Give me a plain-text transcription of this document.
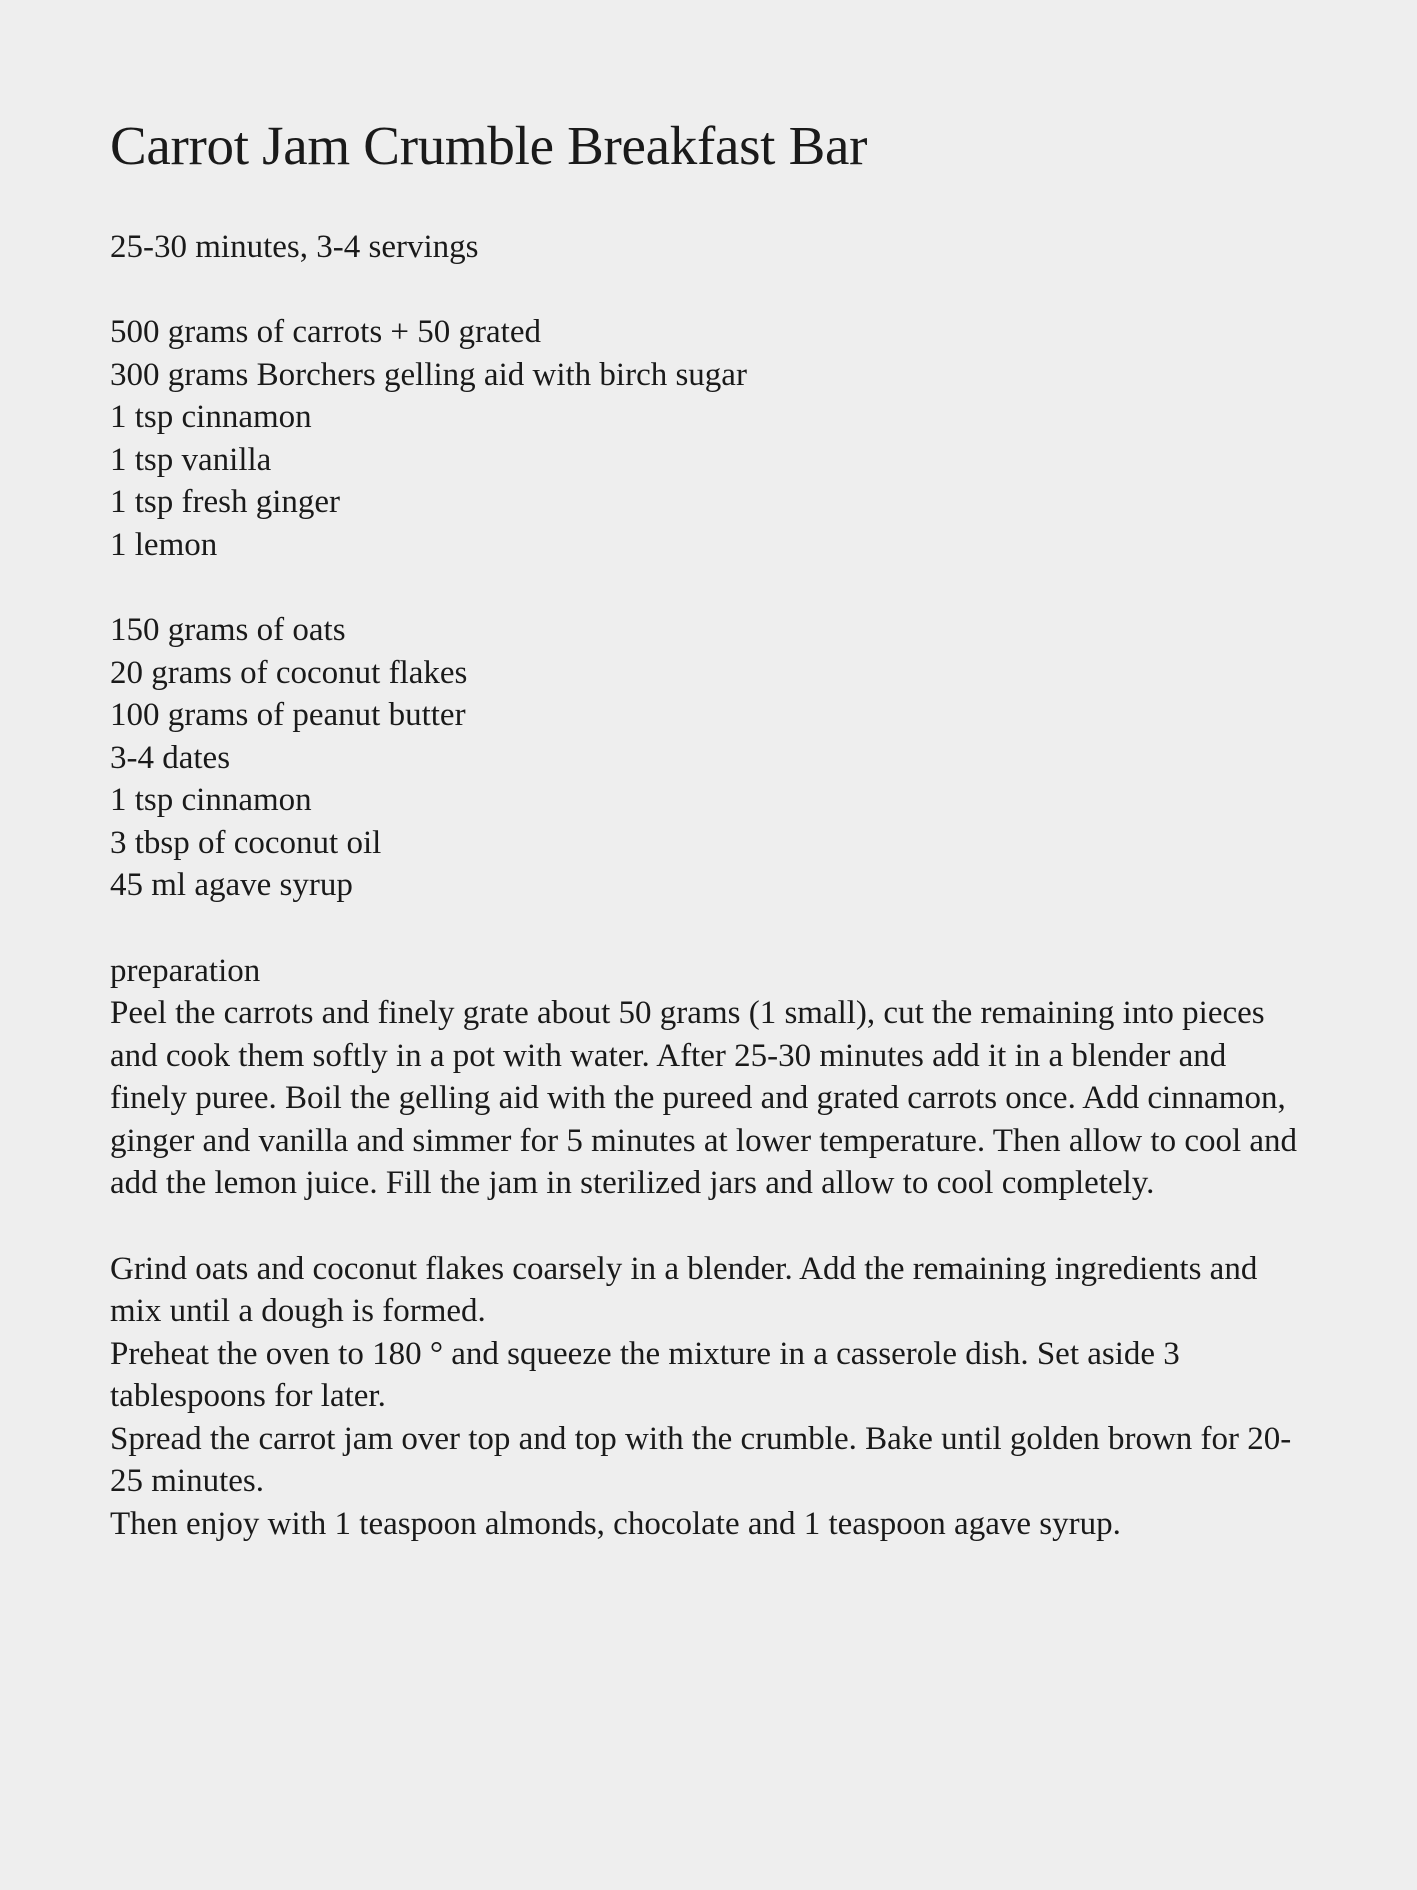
Carrot Jam Crumble Breakfast Bar

25-30 minutes, 3-4 servings

500 grams of carrots + 50 grated
300 grams Borchers gelling aid with birch sugar
1 tsp cinnamon
1 tsp vanilla
1 tsp fresh ginger
1 lemon
150 grams of oats
20 grams of coconut flakes
100 grams of peanut butter
3-4 dates
1 tsp cinnamon
3 tbsp of coconut oil
45 ml agave syrup

preparation

Peel the carrots and finely grate about 50 grams (1 small), cut the remaining into pieces and cook them softly in a pot with water. After 25-30 minutes add it in a blender and finely puree. Boil the gelling aid with the pureed and grated carrots once. Add cinnamon, ginger and vanilla and simmer for 5 minutes at lower temperature. Then allow to cool and add the lemon juice. Fill the jam in sterilized jars and allow to cool completely.

Grind oats and coconut flakes coarsely in a blender. Add the remaining ingredients and mix until a dough is formed.

Preheat the oven to 180 ° and squeeze the mixture in a casserole dish. Set aside 3 tablespoons for later.

Spread the carrot jam over top and top with the crumble. Bake until golden brown for 20-25 minutes.

Then enjoy with 1 teaspoon almonds, chocolate and 1 teaspoon agave syrup.
